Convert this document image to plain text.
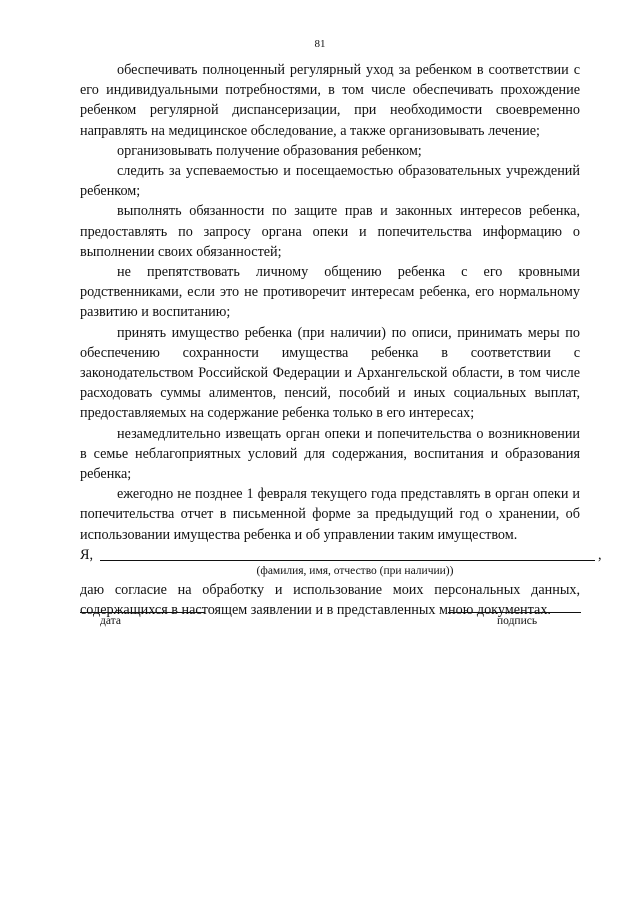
81

обеспечивать полноценный регулярный уход за ребенком в соответствии с его индивидуальными потребностями, в том числе обеспечивать прохождение ребенком регулярной диспансеризации, при необходимости своевременно направлять на медицинское обследование, а также организовывать лечение;

организовывать получение образования ребенком;

следить за успеваемостью и посещаемостью образовательных учреждений ребенком;

выполнять обязанности по защите прав и законных интересов ребенка, предоставлять по запросу органа опеки и попечительства информацию о выполнении своих обязанностей;

не препятствовать личному общению ребенка с его кровными родственниками, если это не противоречит интересам ребенка, его нормальному развитию и воспитанию;

принять имущество ребенка (при наличии) по описи, принимать меры по обеспечению сохранности имущества ребенка в соответствии с законодательством Российской Федерации и Архангельской области, в том числе расходовать суммы алиментов, пенсий, пособий и иных социальных выплат, предоставляемых на содержание ребенка только в его интересах;

незамедлительно извещать орган опеки и попечительства о возникновении в семье неблагоприятных условий для содержания, воспитания и образования ребенка;

ежегодно не позднее 1 февраля текущего года представлять в орган опеки и попечительства отчет в письменной форме за предыдущий год о хранении, об использовании имущества ребенка и об управлении таким имуществом.

Я,	,
(фамилия, имя, отчество (при наличии))

даю согласие на обработку и использование моих персональных данных, содержащихся в настоящем заявлении и в представленных мною документах.

дата	подпись
